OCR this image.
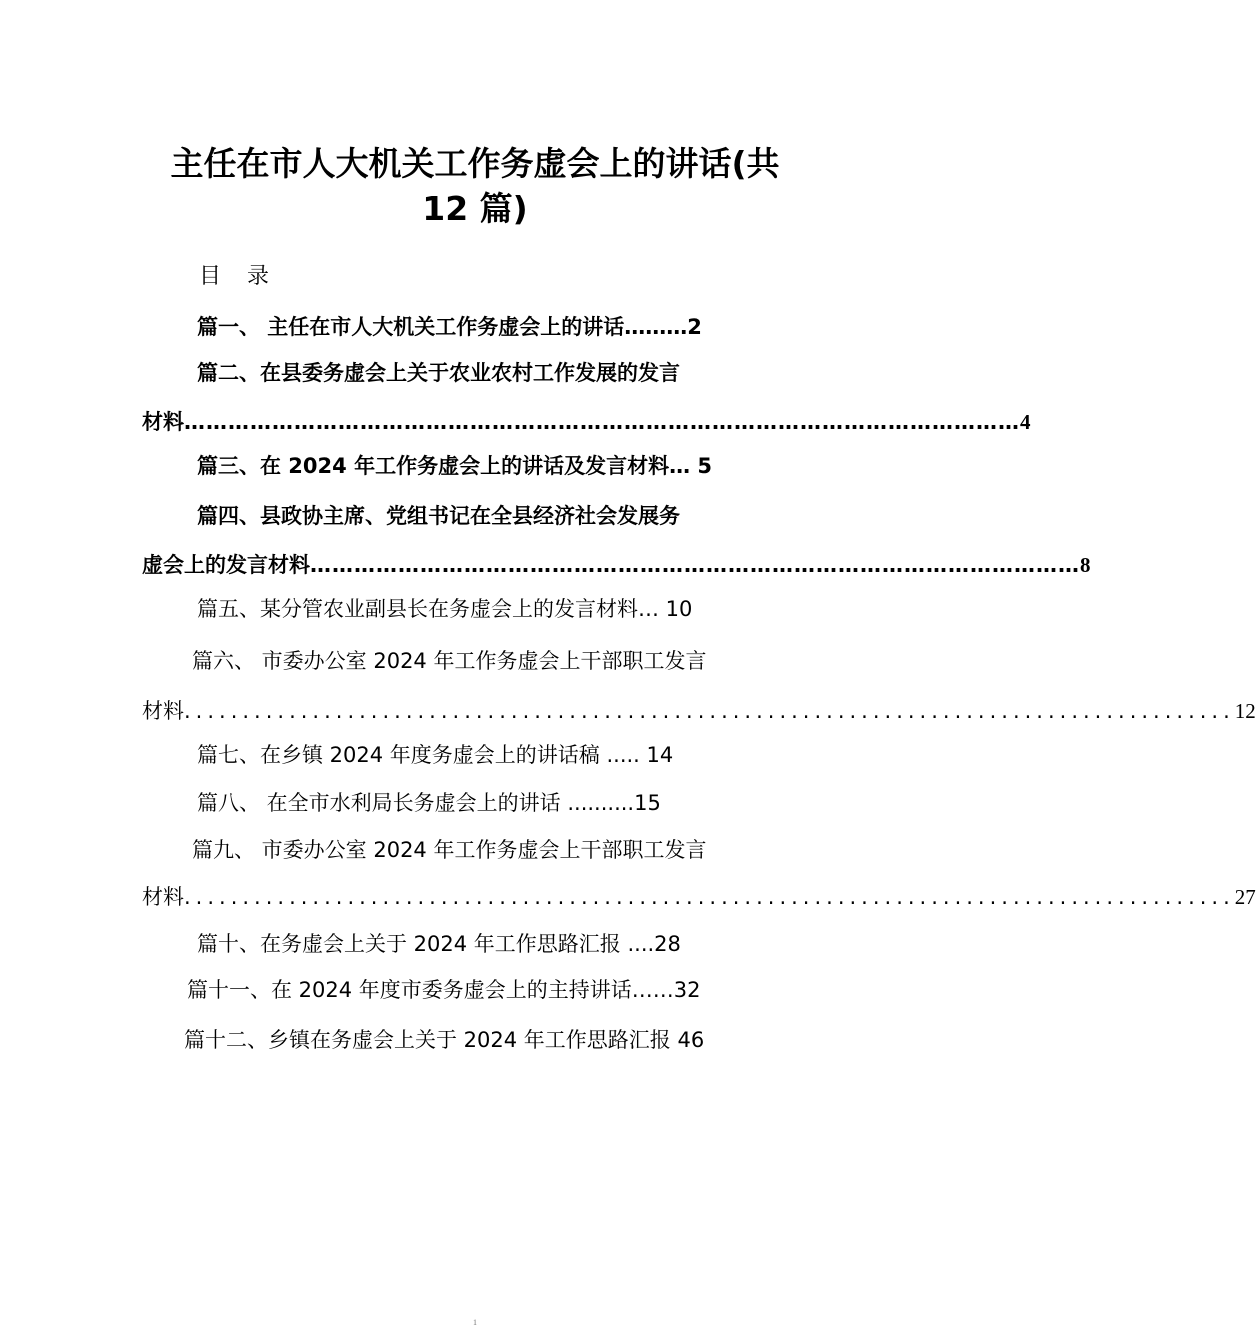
主任在市人大机关工作务虚会上的讲话(共
12 篇)
目　录
篇一、 主任在市人大机关工作务虚会上的讲话………2
篇二、在县委务虚会上关于农业农村工作发展的发言
材料 …………………………………………………………………………………………………… 4
篇三、在 2024 年工作务虚会上的讲话及发言材料… 5
篇四、县政协主席、党组书记在全县经济社会发展务
虚会上的发言材料 …………………………………………………………………………………………… 8
篇五、某分管农业副县长在务虚会上的发言材料… 10
篇六、 市委办公室 2024 年工作务虚会上干部职工发言
材料 .......................................................................................... 12
篇七、在乡镇 2024 年度务虚会上的讲话稿 ..... 14
篇八、 在全市水利局长务虚会上的讲话 ..........15
篇九、 市委办公室 2024 年工作务虚会上干部职工发言
材料 .......................................................................................... 27
篇十、在务虚会上关于 2024 年工作思路汇报 ....28
篇十一、在 2024 年度市委务虚会上的主持讲话……32
篇十二、乡镇在务虚会上关于 2024 年工作思路汇报 46
1
